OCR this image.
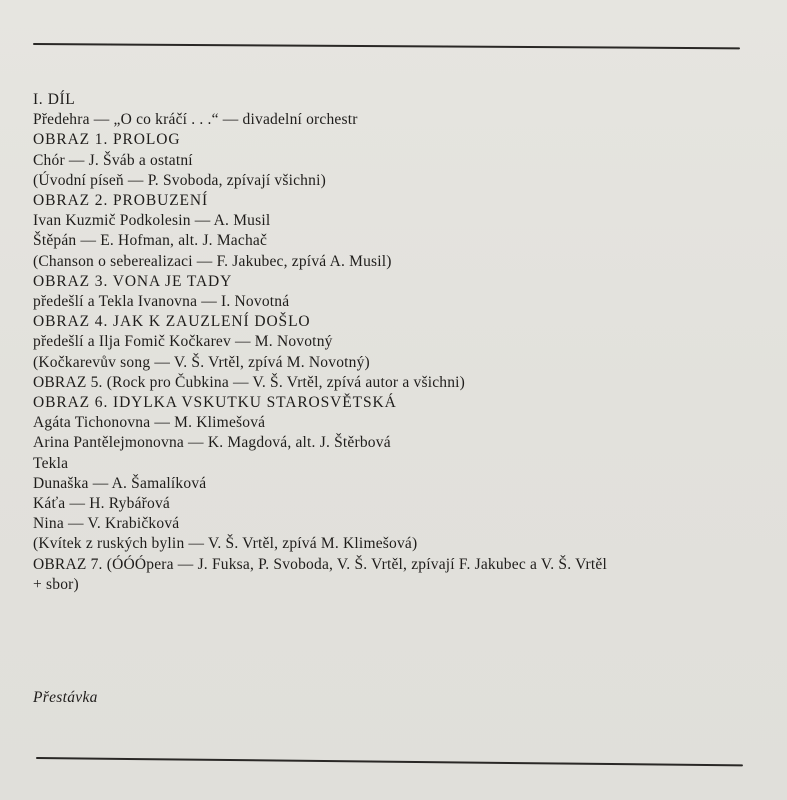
I. DÍL
Předehra — „O co kráčí . . .“ — divadelní orchestr
OBRAZ 1. PROLOG
Chór — J. Šváb a ostatní
(Úvodní píseň — P. Svoboda, zpívají všichni)
OBRAZ 2. PROBUZENÍ
Ivan Kuzmič Podkolesin — A. Musil
Štěpán — E. Hofman, alt. J. Machač
(Chanson o seberealizaci — F. Jakubec, zpívá A. Musil)
OBRAZ 3. VONA JE TADY
předešlí a Tekla Ivanovna — I. Novotná
OBRAZ 4. JAK K ZAUZLENÍ DOŠLO
předešlí a Ilja Fomič Kočkarev — M. Novotný
(Kočkarevův song — V. Š. Vrtěl, zpívá M. Novotný)
OBRAZ 5. (Rock pro Čubkina — V. Š. Vrtěl, zpívá autor a všichni)
OBRAZ 6. IDYLKA VSKUTKU STAROSVĚTSKÁ
Agáta Tichonovna — M. Klimešová
Arina Pantělejmonovna — K. Magdová, alt. J. Štěrbová
Tekla
Dunaška — A. Šamalíková
Káťa — H. Rybářová
Nina — V. Krabičková
(Kvítek z ruských bylin — V. Š. Vrtěl, zpívá M. Klimešová)
OBRAZ 7. (ÓÓÓpera — J. Fuksa, P. Svoboda, V. Š. Vrtěl, zpívají F. Jakubec a V. Š. Vrtěl
+ sbor)
Přestávka
